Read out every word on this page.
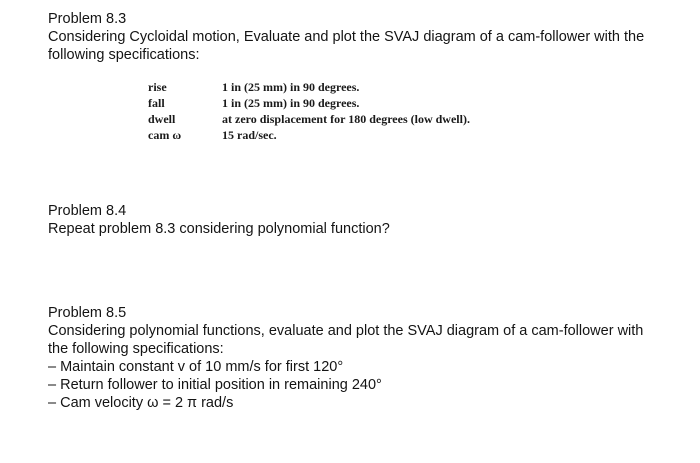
Problem 8.3
Considering Cycloidal motion, Evaluate and plot the SVAJ diagram of a cam-follower with the
following specifications:
rise	1 in (25 mm) in 90 degrees.
fall	1 in (25 mm) in 90 degrees.
dwell	at zero displacement for 180 degrees (low dwell).
cam ω	15 rad/sec.
Problem 8.4
Repeat problem 8.3 considering polynomial function?
Problem 8.5
Considering polynomial functions, evaluate and plot the SVAJ diagram of a cam-follower with
the following specifications:
– Maintain constant v of 10 mm/s for first 120°
– Return follower to initial position in remaining 240°
– Cam velocity ω = 2 π rad/s
